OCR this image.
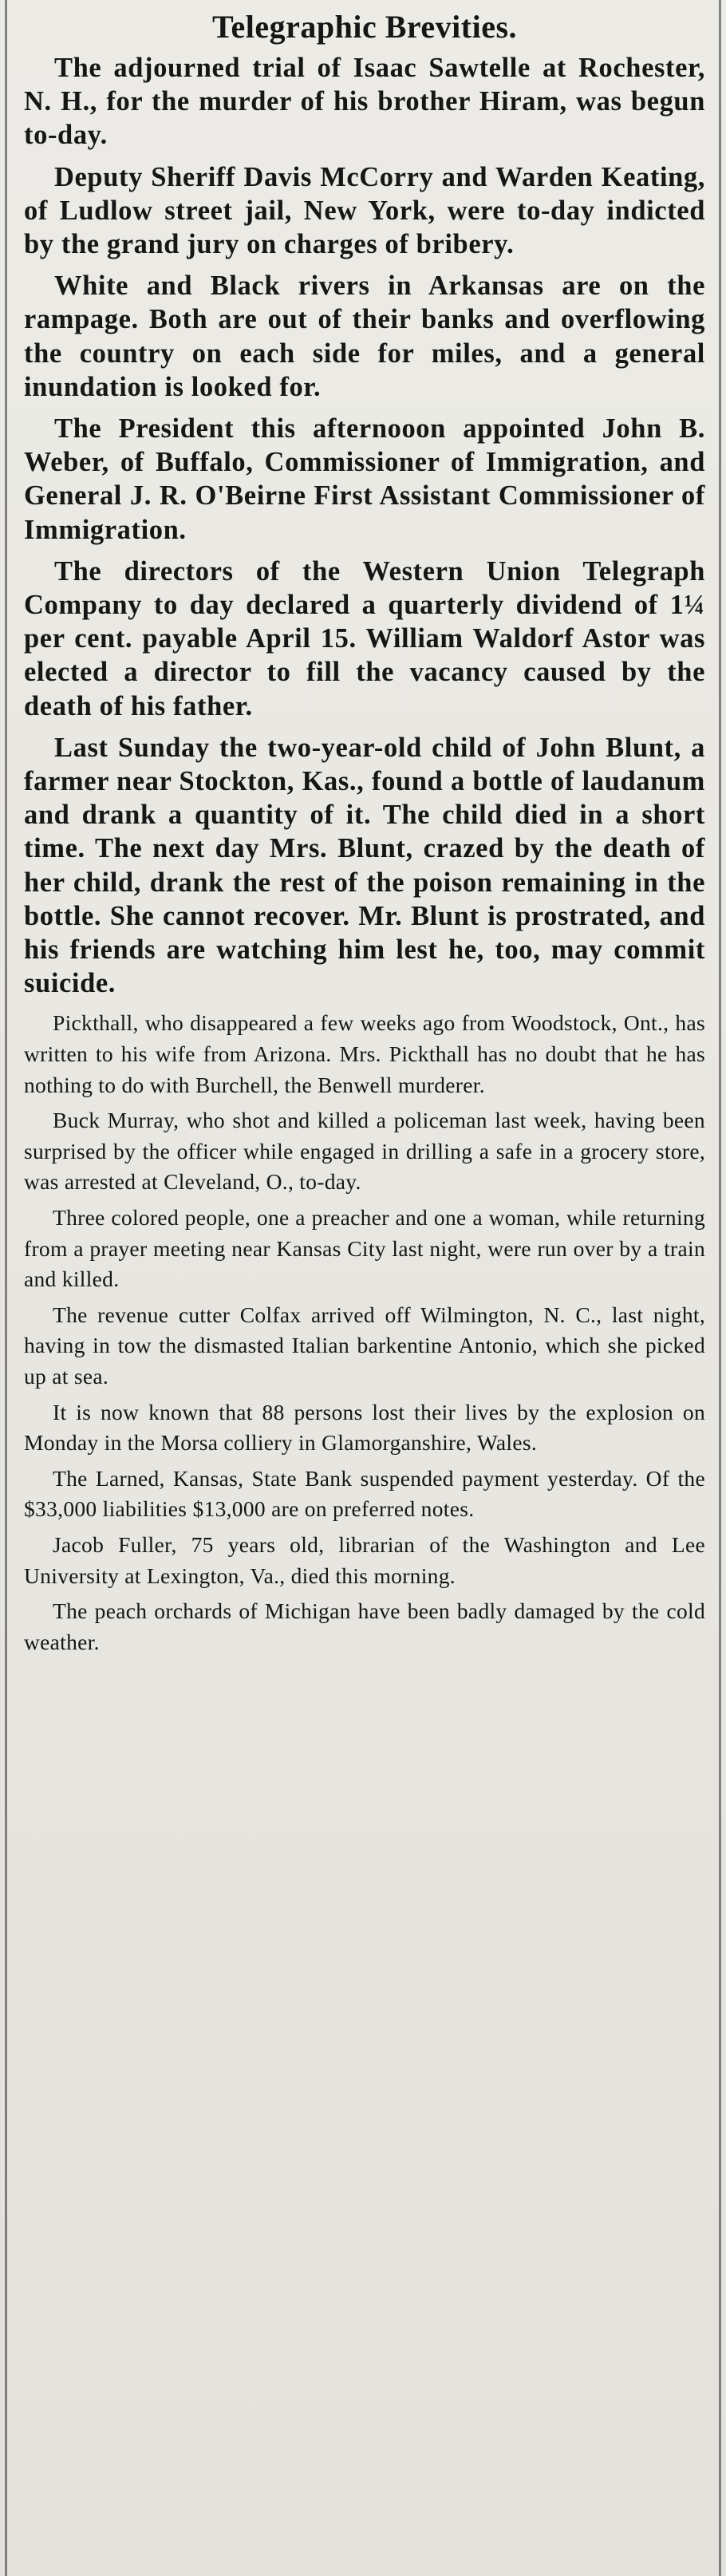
Telegraphic Brevities.

The adjourned trial of Isaac Sawtelle at Rochester, N. H., for the murder of his brother Hiram, was begun to-day.

Deputy Sheriff Davis McCorry and Warden Keating, of Ludlow street jail, New York, were to-day indicted by the grand jury on charges of bribery.

White and Black rivers in Arkansas are on the rampage. Both are out of their banks and overflowing the country on each side for miles, and a general inundation is looked for.

The President this afternooon appointed John B. Weber, of Buffalo, Commissioner of Immigration, and General J. R. O'Beirne First Assistant Commissioner of Immigration.

The directors of the Western Union Telegraph Company to day declared a quarterly dividend of 1¼ per cent. payable April 15. William Waldorf Astor was elected a director to fill the vacancy caused by the death of his father.

Last Sunday the two-year-old child of John Blunt, a farmer near Stockton, Kas., found a bottle of laudanum and drank a quantity of it. The child died in a short time. The next day Mrs. Blunt, crazed by the death of her child, drank the rest of the poison remaining in the bottle. She cannot recover. Mr. Blunt is prostrated, and his friends are watching him lest he, too, may commit suicide.

Pickthall, who disappeared a few weeks ago from Woodstock, Ont., has written to his wife from Arizona. Mrs. Pickthall has no doubt that he has nothing to do with Burchell, the Benwell murderer.

Buck Murray, who shot and killed a policeman last week, having been surprised by the officer while engaged in drilling a safe in a grocery store, was arrested at Cleveland, O., to-day.

Three colored people, one a preacher and one a woman, while returning from a prayer meeting near Kansas City last night, were run over by a train and killed.

The revenue cutter Colfax arrived off Wilmington, N. C., last night, having in tow the dismasted Italian barkentine Antonio, which she picked up at sea.

It is now known that 88 persons lost their lives by the explosion on Monday in the Morsa colliery in Glamorganshire, Wales.

The Larned, Kansas, State Bank suspended payment yesterday. Of the $33,000 liabilities $13,000 are on preferred notes.

Jacob Fuller, 75 years old, librarian of the Washington and Lee University at Lexington, Va., died this morning.

The peach orchards of Michigan have been badly damaged by the cold weather.
